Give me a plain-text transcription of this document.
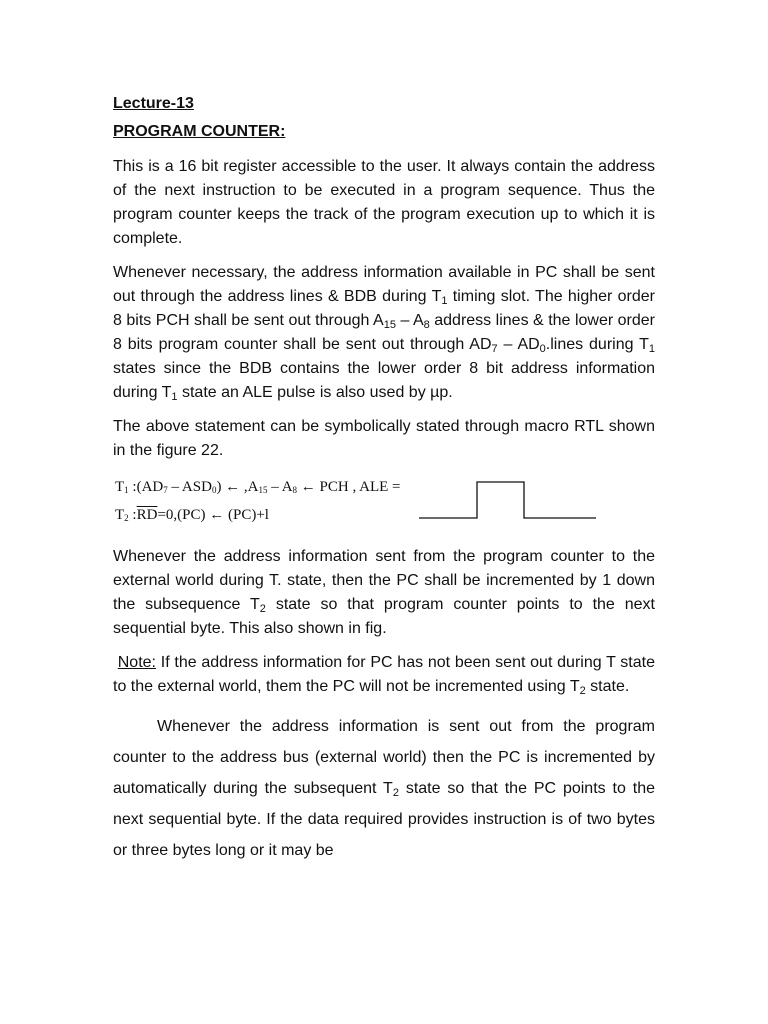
Lecture-13
PROGRAM COUNTER:

This is a 16 bit register accessible to the user. It always contain the address of the next instruction to be executed in a program sequence. Thus the program counter keeps the track of the program execution up to which it is complete.

Whenever necessary, the address information available in PC shall be sent out through the address lines & BDB during $T_1$ timing slot. The higher order 8 bits PCH shall be sent out through $A_{15} - A_8$ address lines & the lower order 8 bits program counter shall be sent out through $AD_7$ – $AD_0.lines$ during $T_1$ states since the BDB contains the lower order 8 bit address information during $T_1$ state an ALE pulse is also used by µp.

The above statement can be symbolically stated through macro RTL shown in the figure 22.

$T_1$ $:(AD_7 - ASD_0)$ ← $,A_{15} - A_8$ ← PCH , ALE =
$T_2$ $:\overline{RD}=0,(PC)$ ← (PC)+l

Whenever the address information sent from the program counter to the external world during T. state, then the PC shall be incremented by 1 down the subsequence $T_2$ state so that program counter points to the next sequential byte. This also shown in fig.

Note: If the address information for PC has not been sent out during T state to the external world, them the PC will not be incremented using $T_2$ state.

Whenever the address information is sent out from the program counter to the address bus (external world) then the PC is incremented by automatically during the subsequent $T_2$ state so that the PC points to the next sequential byte. If the data required provides instruction is of two bytes or three bytes long or it may be
